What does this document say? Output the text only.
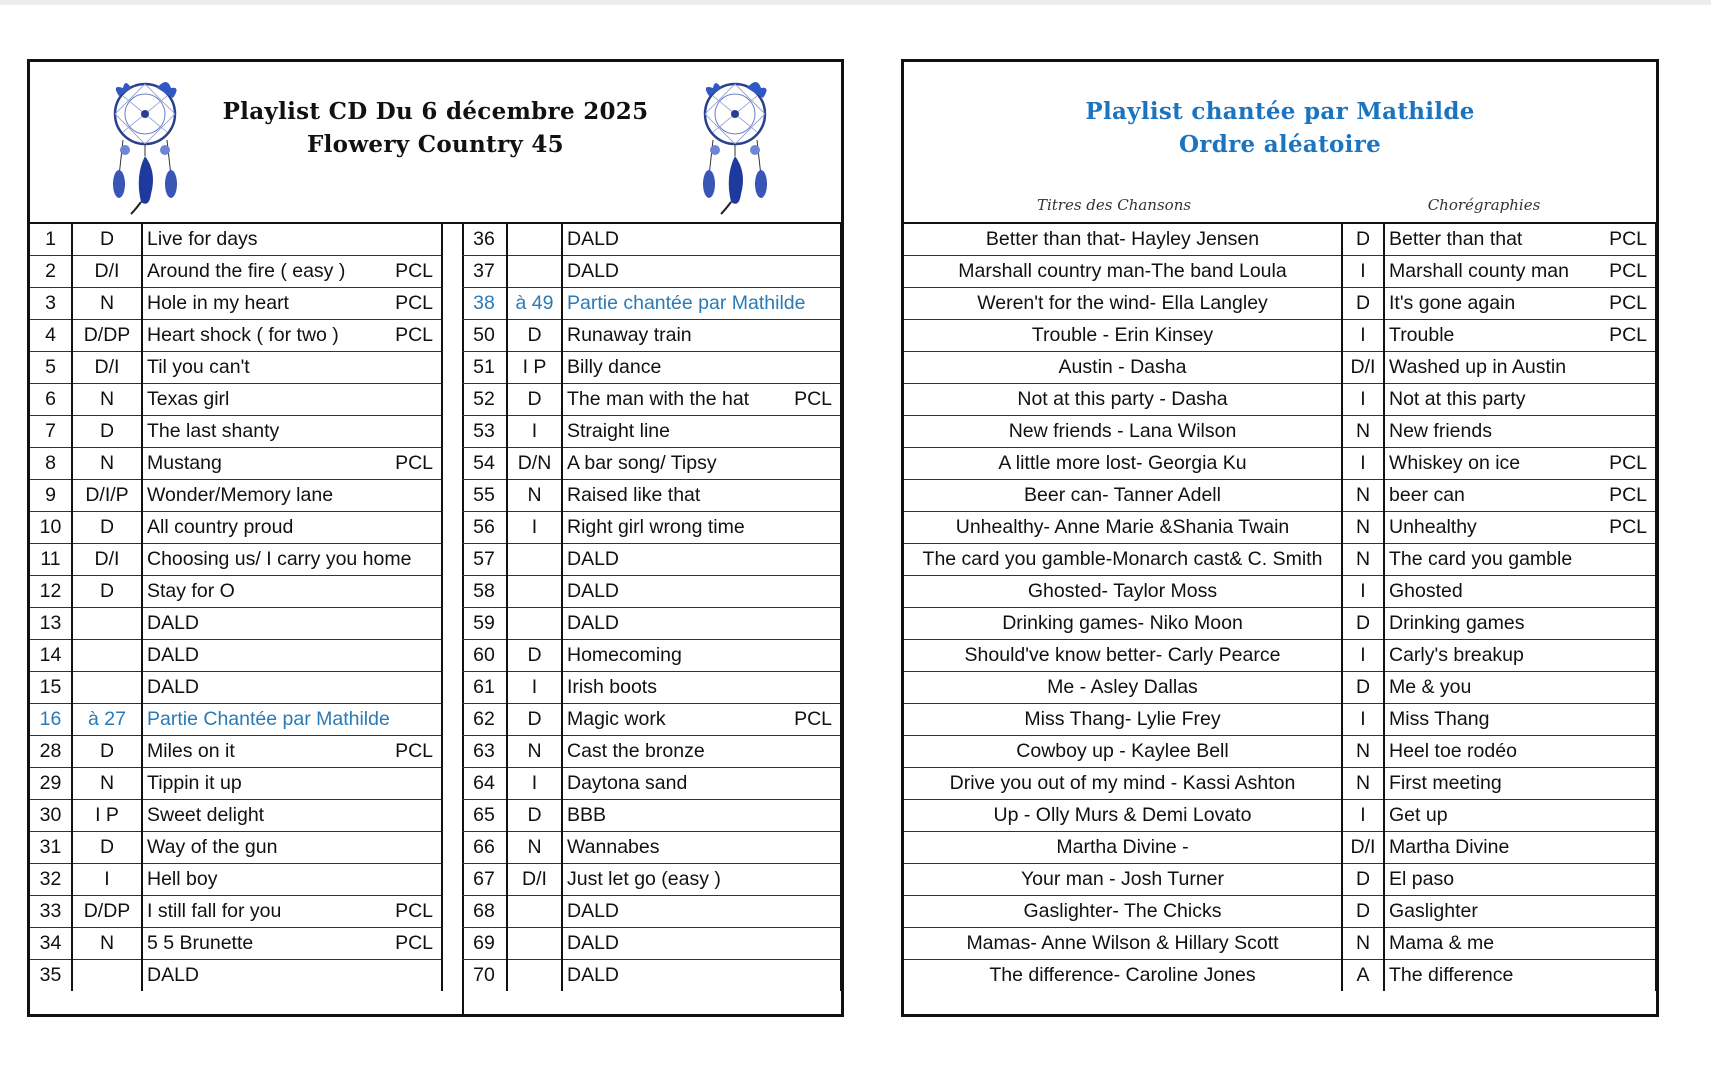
Playlist CD Du 6 décembre 2025
Flowery Country 45
1	D	Live for days
2	D/I	Around the fire ( easy ) PCL

3	N	Hole in my heart PCL

4	D/DP	Heart shock ( for two ) PCL

5	D/I	Til you can't
6	N	Texas girl
7	D	The last shanty
8	N	Mustang PCL

9	D/I/P	Wonder/Memory lane
10	D	All country proud
11	D/I	Choosing us/ I carry you home
12	D	Stay for O
13		DALD
14		DALD
15		DALD
16	à 27	Partie Chantée par Mathilde
28	D	Miles on it PCL

29	N	Tippin it up
30	I P	Sweet delight
31	D	Way of the gun
32	I	Hell boy
33	D/DP	I still fall for you PCL

34	N	5 5 Brunette PCL

35		DALD
36		DALD
37		DALD
38	à 49	Partie chantée par Mathilde
50	D	Runaway train
51	I P	Billy dance
52	D	The man with the hat PCL

53	I	Straight line
54	D/N	A bar song/ Tipsy
55	N	Raised like that
56	I	Right girl wrong time
57		DALD
58		DALD
59		DALD
60	D	Homecoming
61	I	Irish boots
62	D	Magic work PCL

63	N	Cast the bronze
64	I	Daytona sand
65	D	BBB
66	N	Wannabes
67	D/I	Just let go (easy )
68		DALD
69		DALD
70		DALD
Playlist chantée par Mathilde
Ordre aléatoire
Titres des Chansons	Chorégraphies
Better than that- Hayley Jensen	D	Better than that PCL

Marshall country man-The band Loula	I	Marshall county man PCL

Weren't for the wind- Ella Langley	D	It's gone again PCL

Trouble - Erin Kinsey	I	Trouble PCL

Austin - Dasha	D/I	Washed up in Austin
Not at this party - Dasha	I	Not at this party
New friends - Lana Wilson	N	New friends
A little more lost- Georgia Ku	I	Whiskey on ice PCL

Beer can- Tanner Adell	N	beer can PCL

Unhealthy- Anne Marie &Shania Twain	N	Unhealthy PCL

The card you gamble-Monarch cast& C. Smith	N	The card you gamble
Ghosted- Taylor Moss	I	Ghosted
Drinking games- Niko Moon	D	Drinking games
Should've know better- Carly Pearce	I	Carly's breakup
Me - Asley Dallas	D	Me & you
Miss Thang- Lylie Frey	I	Miss Thang
Cowboy up - Kaylee Bell	N	Heel toe rodéo
Drive you out of my mind - Kassi Ashton	N	First meeting
Up - Olly Murs & Demi Lovato	I	Get up
Martha Divine -	D/I	Martha Divine
Your man - Josh Turner	D	El paso
Gaslighter- The Chicks	D	Gaslighter
Mamas- Anne Wilson & Hillary Scott	N	Mama & me
The difference- Caroline Jones	A	The difference
